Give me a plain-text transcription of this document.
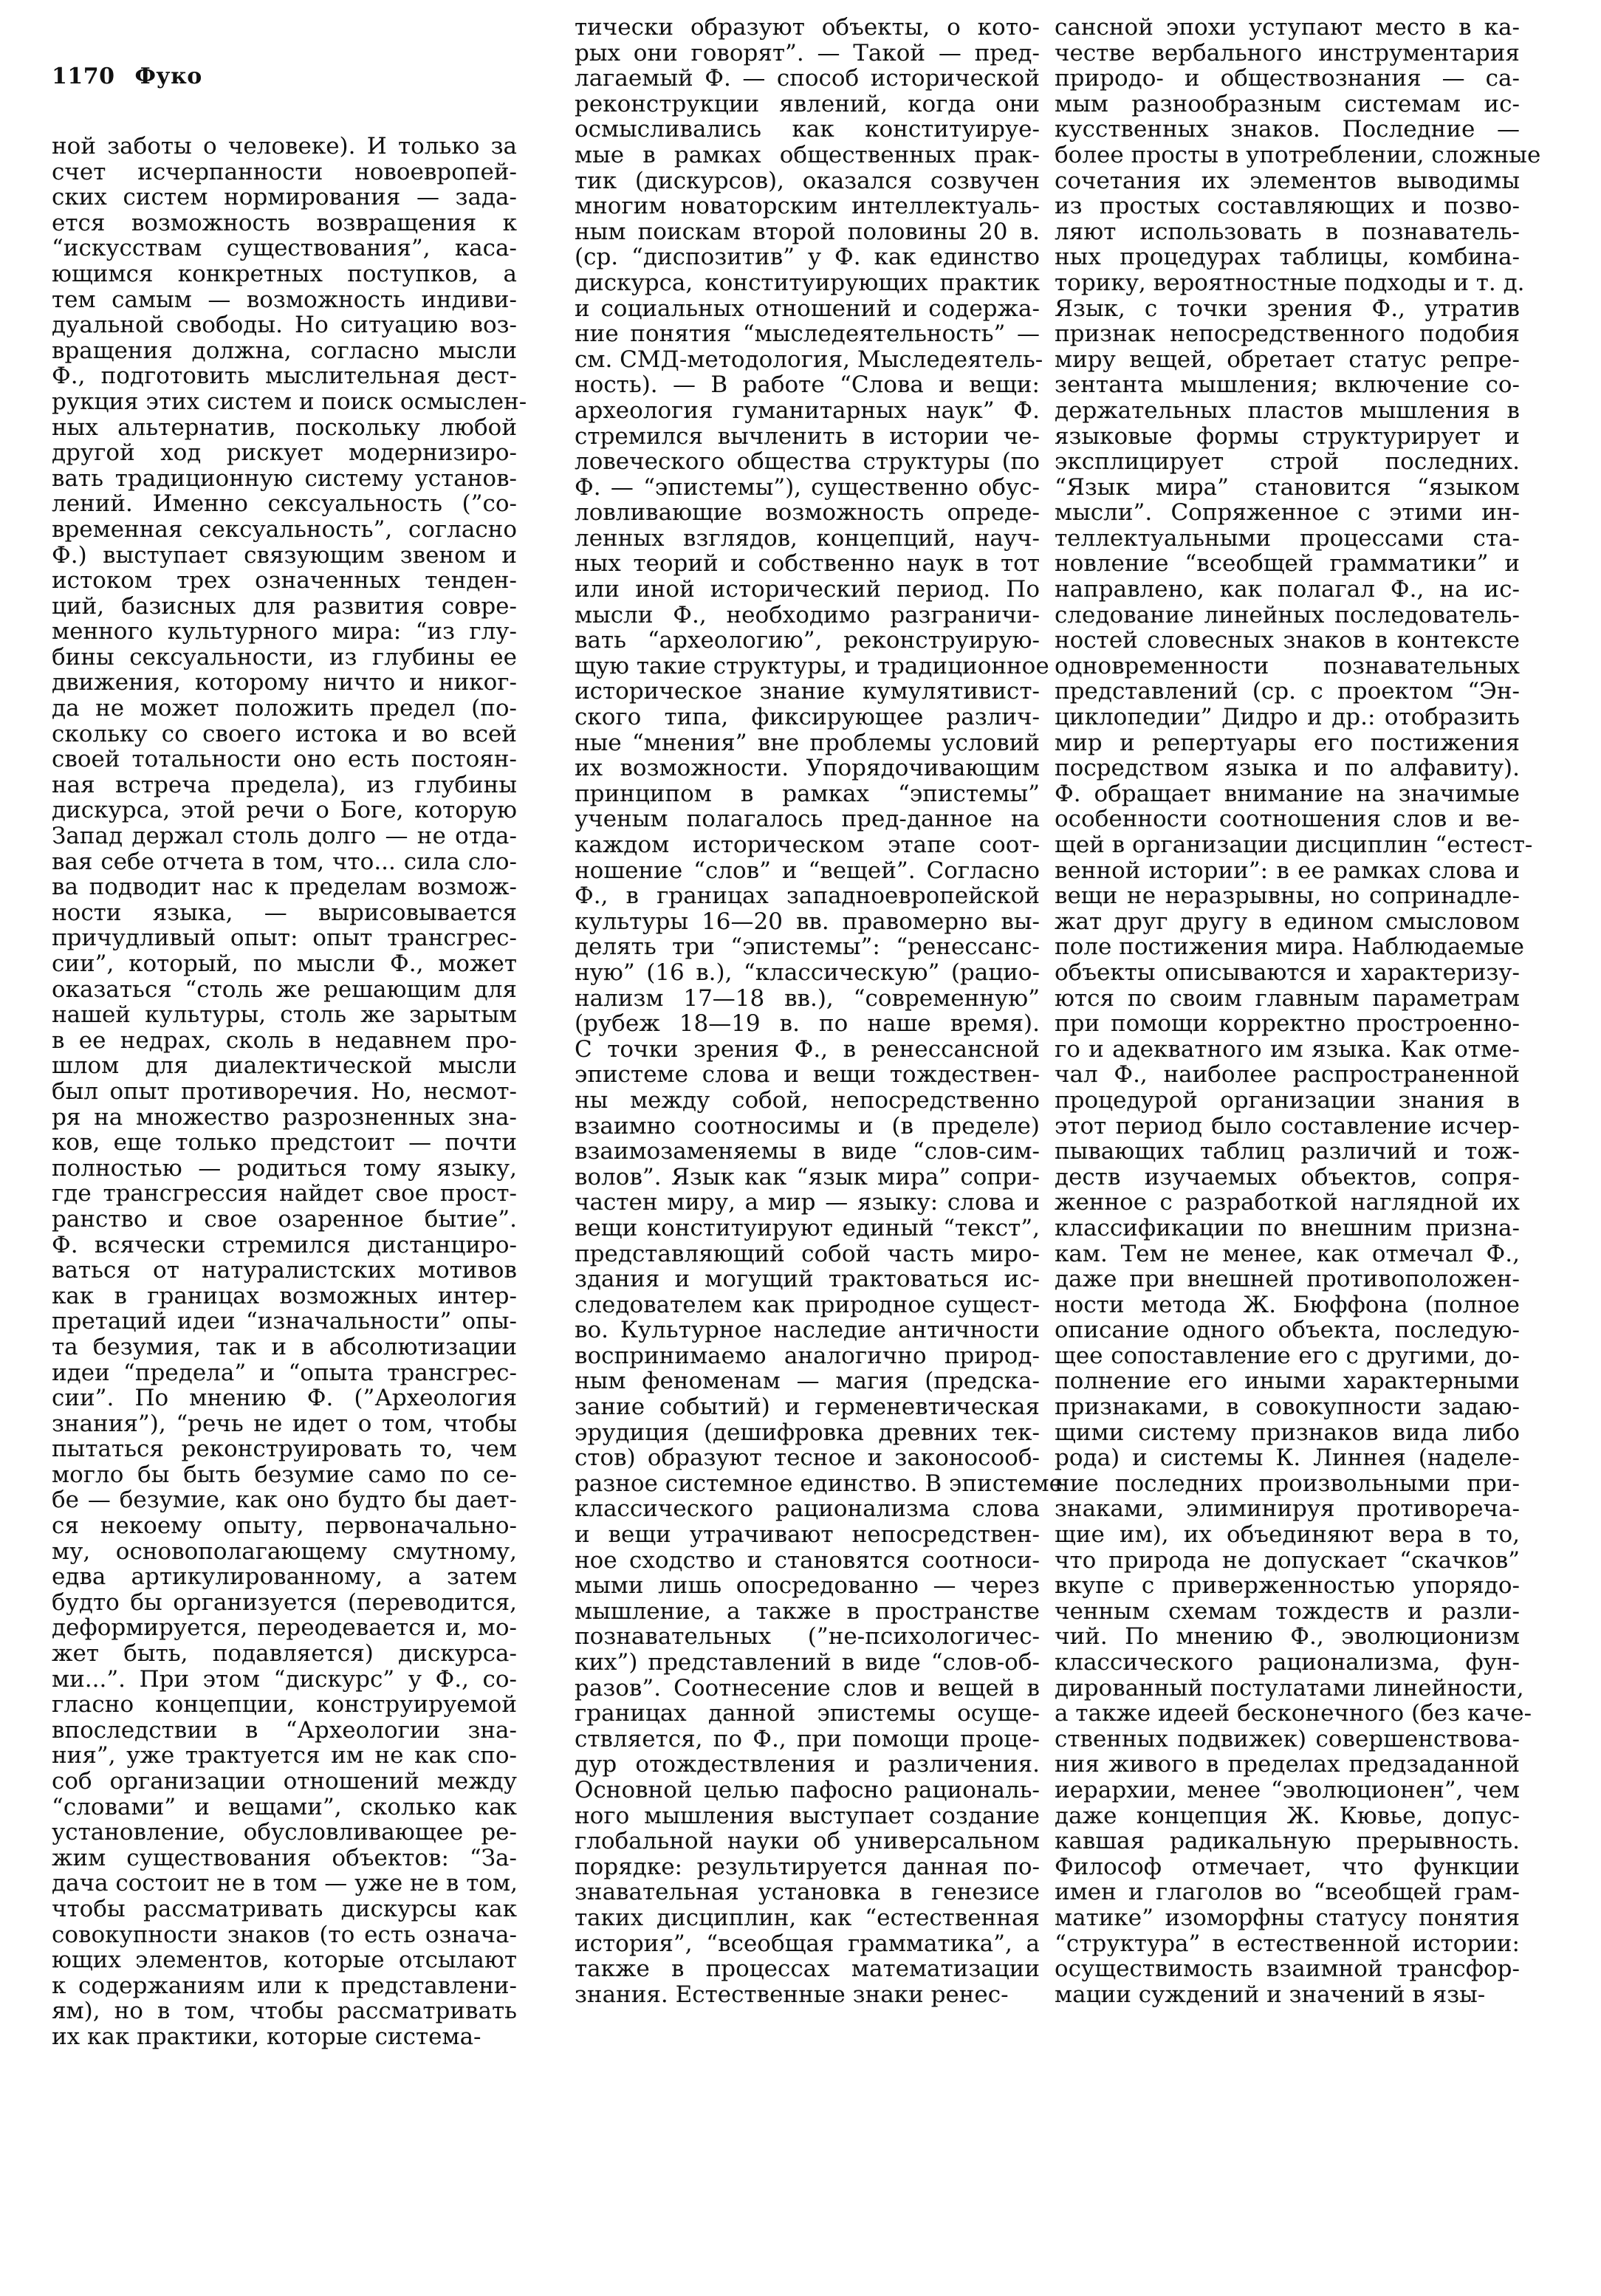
1170 Фуко
ной заботы о человеке). И только за
счет исчерпанности новоевропей-
ских систем нормирования — зада-
ется возможность возвращения к
“искусствам существования”, каса-
ющимся конкретных поступков, а
тем самым — возможность индиви-
дуальной свободы. Но ситуацию воз-
вращения должна, согласно мысли
Ф., подготовить мыслительная дест-
рукция этих систем и поиск осмыслен-
ных альтернатив, поскольку любой
другой ход рискует модернизиро-
вать традиционную систему установ-
лений. Именно сексуальность (”со-
временная сексуальность”, согласно
Ф.) выступает связующим звеном и
истоком трех означенных тенден-
ций, базисных для развития совре-
менного культурного мира: “из глу-
бины сексуальности, из глубины ее
движения, которому ничто и никог-
да не может положить предел (по-
скольку со своего истока и во всей
своей тотальности оно есть постоян-
ная встреча предела), из глубины
дискурса, этой речи о Боге, которую
Запад держал столь долго — не отда-
вая себе отчета в том, что... сила сло-
ва подводит нас к пределам возмож-
ности языка, — вырисовывается
причудливый опыт: опыт трансгрес-
сии”, который, по мысли Ф., может
оказаться “столь же решающим для
нашей культуры, столь же зарытым
в ее недрах, сколь в недавнем про-
шлом для диалектической мысли
был опыт противоречия. Но, несмот-
ря на множество разрозненных зна-
ков, еще только предстоит — почти
полностью — родиться тому языку,
где трансгрессия найдет свое прост-
ранство и свое озаренное бытие”.
Ф. всячески стремился дистанциро-
ваться от натуралистских мотивов
как в границах возможных интер-
претаций идеи “изначальности” опы-
та безумия, так и в абсолютизации
идеи “предела” и “опыта трансгрес-
сии”. По мнению Ф. (”Археология
знания”), “речь не идет о том, чтобы
пытаться реконструировать то, чем
могло бы быть безумие само по се-
бе — безумие, как оно будто бы дает-
ся некоему опыту, первоначально-
му, основополагающему смутному,
едва артикулированному, а затем
будто бы организуется (переводится,
деформируется, переодевается и, мо-
жет быть, подавляется) дискурса-
ми...”. При этом “дискурс” у Ф., со-
гласно концепции, конструируемой
впоследствии в “Археологии зна-
ния”, уже трактуется им не как спо-
соб организации отношений между
“словами” и вещами”, сколько как
установление, обусловливающее ре-
жим существования объектов: “За-
дача состоит не в том — уже не в том,
чтобы рассматривать дискурсы как
совокупности знаков (то есть означа-
ющих элементов, которые отсылают
к содержаниям или к представлени-
ям), но в том, чтобы рассматривать
их как практики, которые система-
тически образуют объекты, о кото-
рых они говорят”. — Такой — пред-
лагаемый Ф. — способ исторической
реконструкции явлений, когда они
осмысливались как конституируе-
мые в рамках общественных прак-
тик (дискурсов), оказался созвучен
многим новаторским интеллектуаль-
ным поискам второй половины 20 в.
(ср. “диспозитив” у Ф. как единство
дискурса, конституирующих практик
и социальных отношений и содержа-
ние понятия “мыследеятельность” —
см. СМД-методология, Мыследеятель-
ность). — В работе “Слова и вещи:
археология гуманитарных наук” Ф.
стремился вычленить в истории че-
ловеческого общества структуры (по
Ф. — “эпистемы”), существенно обус-
ловливающие возможность опреде-
ленных взглядов, концепций, науч-
ных теорий и собственно наук в тот
или иной исторический период. По
мысли Ф., необходимо разграничи-
вать “археологию”, реконструирую-
щую такие структуры, и традиционное
историческое знание кумулятивист-
ского типа, фиксирующее различ-
ные “мнения” вне проблемы условий
их возможности. Упорядочивающим
принципом в рамках “эпистемы”
ученым полагалось пред-данное на
каждом историческом этапе соот-
ношение “слов” и “вещей”. Согласно
Ф., в границах западноевропейской
культуры 16—20 вв. правомерно вы-
делять три “эпистемы”: “ренессанс-
ную” (16 в.), “классическую” (рацио-
нализм 17—18 вв.), “современную”
(рубеж 18—19 в. по наше время).
С точки зрения Ф., в ренессансной
эпистеме слова и вещи тождествен-
ны между собой, непосредственно
взаимно соотносимы и (в пределе)
взаимозаменяемы в виде “слов-сим-
волов”. Язык как “язык мира” сопри-
частен миру, а мир — языку: слова и
вещи конституируют единый “текст”,
представляющий собой часть миро-
здания и могущий трактоваться ис-
следователем как природное сущест-
во. Культурное наследие античности
воспринимаемо аналогично природ-
ным феноменам — магия (предска-
зание событий) и герменевтическая
эрудиция (дешифровка древних тек-
стов) образуют тесное и законосооб-
разное системное единство. В эпистеме
классического рационализма слова
и вещи утрачивают непосредствен-
ное сходство и становятся соотноси-
мыми лишь опосредованно — через
мышление, а также в пространстве
познавательных (”не-психологичес-
ких”) представлений в виде “слов-об-
разов”. Соотнесение слов и вещей в
границах данной эпистемы осуще-
ствляется, по Ф., при помощи проце-
дур отождествления и различения.
Основной целью пафосно рациональ-
ного мышления выступает создание
глобальной науки об универсальном
порядке: результируется данная по-
знавательная установка в генезисе
таких дисциплин, как “естественная
история”, “всеобщая грамматика”, а
также в процессах математизации
знания. Естественные знаки ренес-
сансной эпохи уступают место в ка-
честве вербального инструментария
природо- и обществознания — са-
мым разнообразным системам ис-
кусственных знаков. Последние —
более просты в употреблении, сложные
сочетания их элементов выводимы
из простых составляющих и позво-
ляют использовать в познаватель-
ных процедурах таблицы, комбина-
торику, вероятностные подходы и т. д.
Язык, с точки зрения Ф., утратив
признак непосредственного подобия
миру вещей, обретает статус репре-
зентанта мышления; включение со-
держательных пластов мышления в
языковые формы структурирует и
эксплицирует строй последних.
“Язык мира” становится “языком
мысли”. Сопряженное с этими ин-
теллектуальными процессами ста-
новление “всеобщей грамматики” и
направлено, как полагал Ф., на ис-
следование линейных последователь-
ностей словесных знаков в контексте
одновременности познавательных
представлений (ср. с проектом “Эн-
циклопедии” Дидро и др.: отобразить
мир и репертуары его постижения
посредством языка и по алфавиту).
Ф. обращает внимание на значимые
особенности соотношения слов и ве-
щей в организации дисциплин “естест-
венной истории”: в ее рамках слова и
вещи не неразрывны, но сопринадле-
жат друг другу в едином смысловом
поле постижения мира. Наблюдаемые
объекты описываются и характеризу-
ются по своим главным параметрам
при помощи корректно простроенно-
го и адекватного им языка. Как отме-
чал Ф., наиболее распространенной
процедурой организации знания в
этот период было составление исчер-
пывающих таблиц различий и тож-
деств изучаемых объектов, сопря-
женное с разработкой наглядной их
классификации по внешним призна-
кам. Тем не менее, как отмечал Ф.,
даже при внешней противоположен-
ности метода Ж. Бюффона (полное
описание одного объекта, последую-
щее сопоставление его с другими, до-
полнение его иными характерными
признаками, в совокупности задаю-
щими систему признаков вида либо
рода) и системы К. Линнея (наделе-
ние последних произвольными при-
знаками, элиминируя противореча-
щие им), их объединяют вера в то,
что природа не допускает “скачков”
вкупе с приверженностью упорядо-
ченным схемам тождеств и разли-
чий. По мнению Ф., эволюционизм
классического рационализма, фун-
дированный постулатами линейности,
а также идеей бесконечного (без каче-
ственных подвижек) совершенствова-
ния живого в пределах предзаданной
иерархии, менее “эволюционен”, чем
даже концепция Ж. Кювье, допус-
кавшая радикальную прерывность.
Философ отмечает, что функции
имен и глаголов во “всеобщей грам-
матике” изоморфны статусу понятия
“структура” в естественной истории:
осуществимость взаимной трансфор-
мации суждений и значений в язы-
